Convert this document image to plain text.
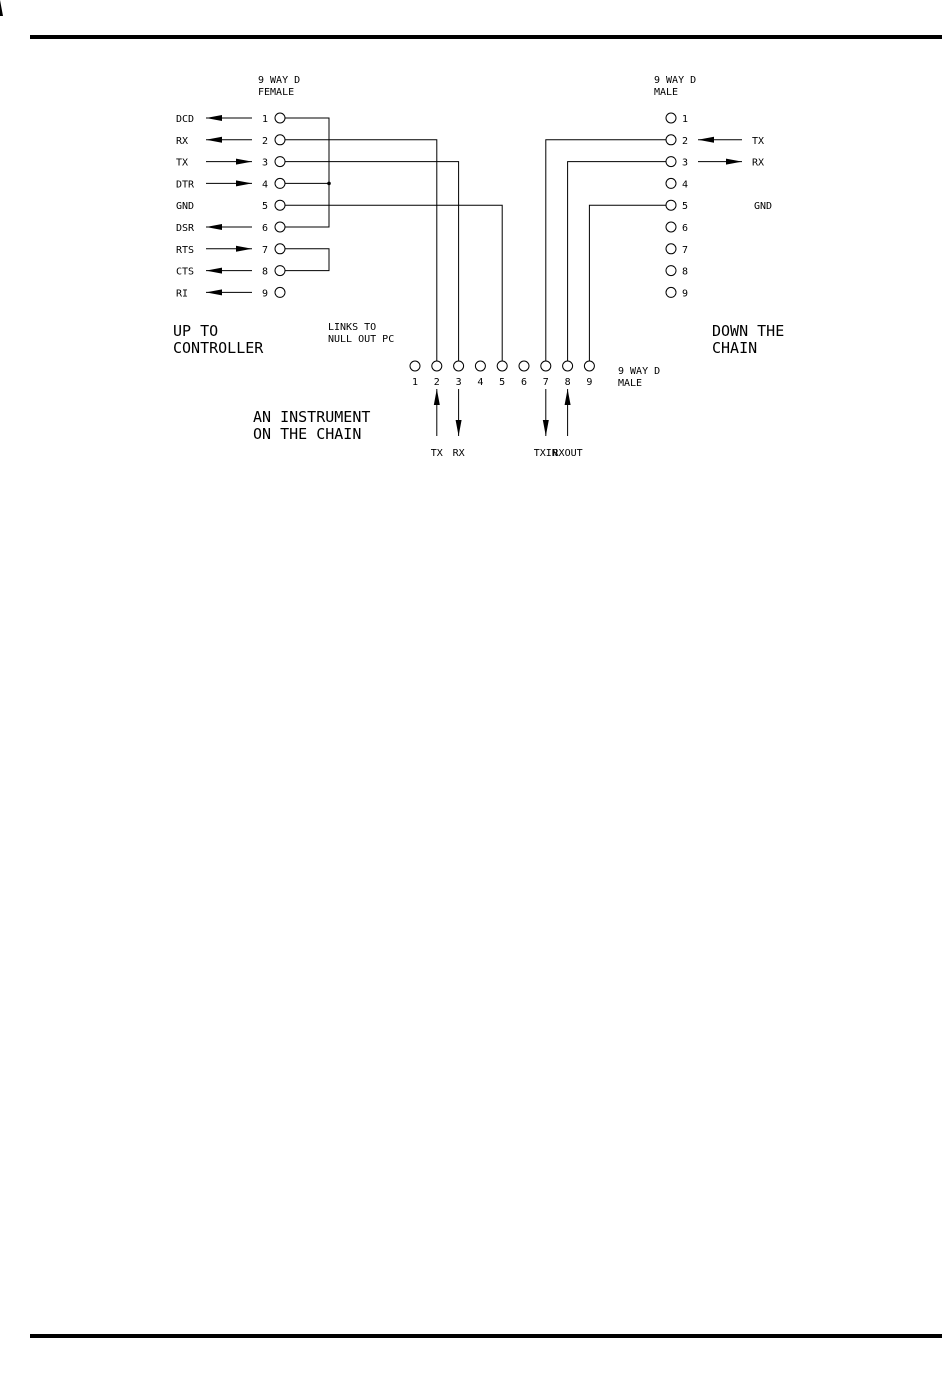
9 WAY D
FEMALE
9 WAY D
MALE
LINKS TO
NULL OUT PC
UP TO
CONTROLLER
DOWN THE
CHAIN
AN INSTRUMENT
ON THE CHAIN
9 WAY D
MALE
DCD	1
RX	2
TX	3
DTR	4
GND	5
DSR	6
RTS	7
CTS	8
RI	9
1
2	TX
3	RX
4
5	GND
6
7
8
9
1 2 3 4 5 6 7 8 9
TX RX	TXIN
RXOUT
